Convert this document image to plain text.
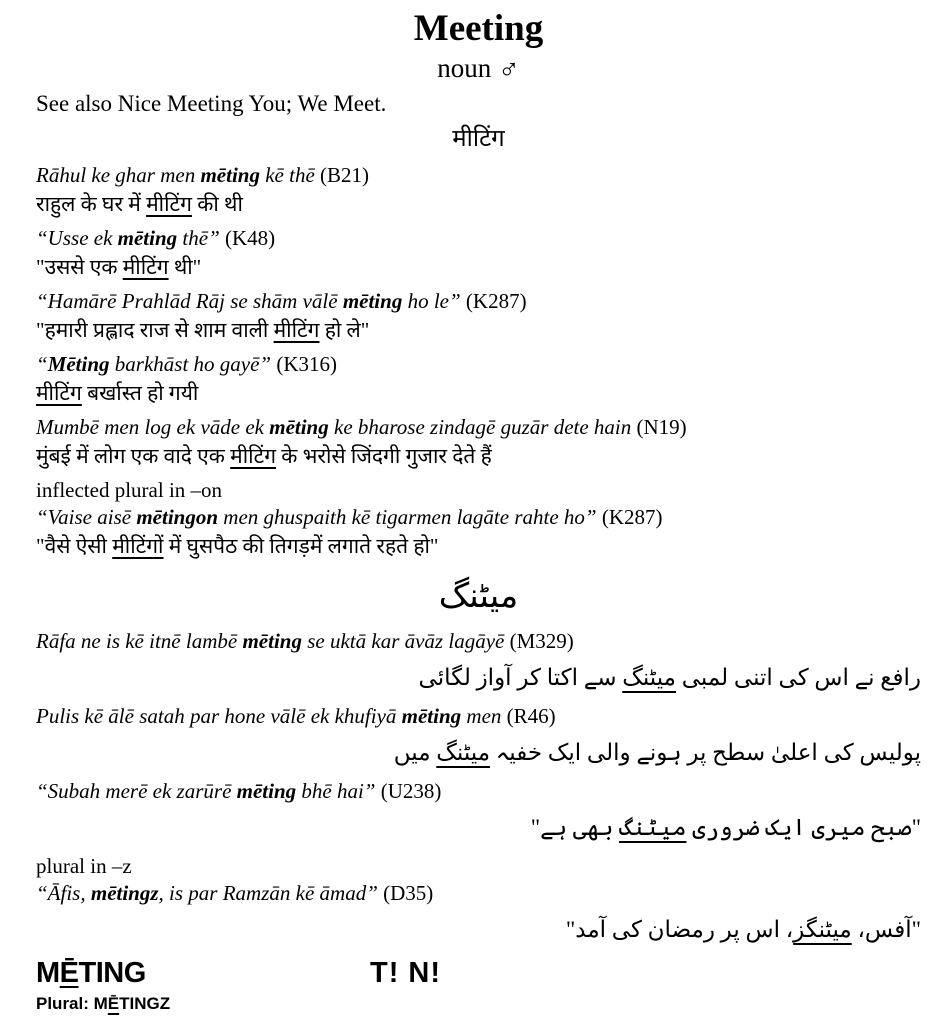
Meeting
noun ♂
See also Nice Meeting You; We Meet.
मीटिंग

Rāhul ke ghar men mēting kē thē (B21)

राहुल के घर में मीटिंग की थी

“Usse ek mēting thē” (K48)

"उससे एक मीटिंग थी"

“Hamārē Prahlād Rāj se shām vālē mēting ho le” (K287)

"हमारी प्रह्लाद राज से शाम वाली मीटिंग हो ले"

“Mēting barkhāst ho gayē” (K316)

मीटिंग बर्खास्त हो गयी

Mumbē men log ek vāde ek mēting ke bharose zindagē guzār dete hain (N19)

मुंबई में लोग एक वादे एक मीटिंग के भरोसे जिंदगी गुजार देते हैं

inflected plural in –on

“Vaise aisē mētingon men ghuspaith kē tigarmen lagāte rahte ho” (K287)

"वैसे ऐसी मीटिंगों में घुसपैठ की तिगड़में लगाते रहते हो"

میٹنگ

Rāfa ne is kē itnē lambē mēting se uktā kar āvāz lagāyē (M329)

رافع نے اس کی اتنی لمبی میٹنگ سے اکتا کر آواز لگائی

Pulis kē ālē satah par hone vālē ek khufiyā mēting men (R46)

پولیس کی اعلیٰ سطح پر ہونے والی ایک خفیہ میٹنگ میں

“Subah merē ek zarūrē mēting bhē hai” (U238)

"صبح میری ایک ضروری میٹنگ بھی ہے"

plural in –z

“Āfis, mētingz, is par Ramzān kē āmad” (D35)

"آفس، میٹنگز، اس پر رمضان کی آمد"

MĒTING	T! N!
Plural: MĒTINGZ
